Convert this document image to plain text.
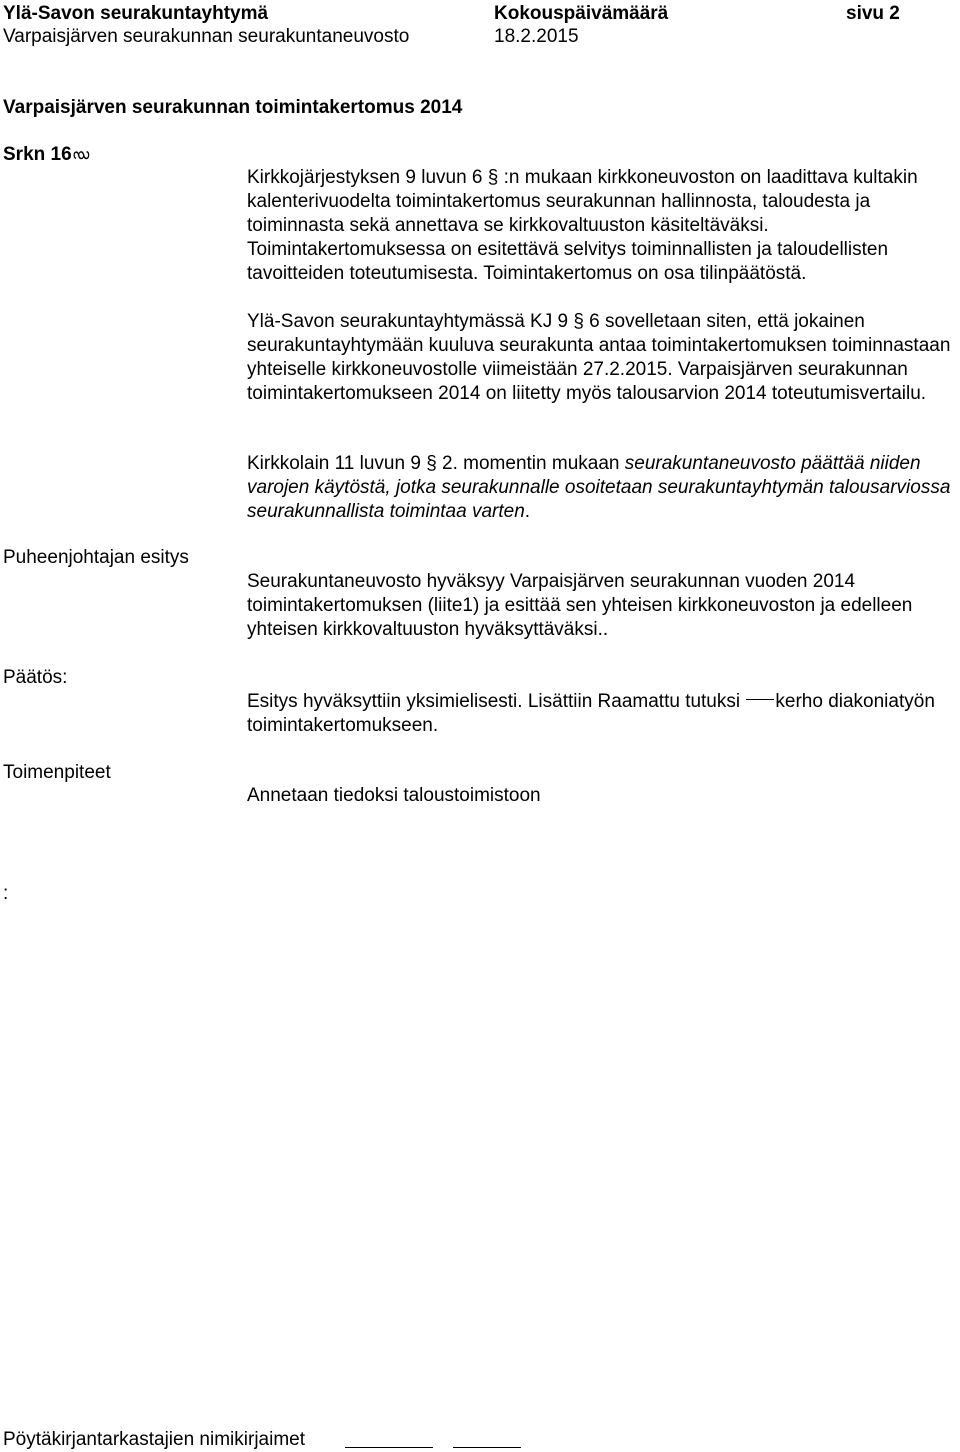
Ylä-Savon seurakuntayhtymä	Kokouspäivämäärä	sivu 2
Varpaisjärven seurakunnan seurakuntaneuvosto	18.2.2015
Varpaisjärven seurakunnan toimintakertomus 2014
Srkn 16 §
Kirkkojärjestyksen 9 luvun 6 § :n mukaan kirkkoneuvoston on laadittava kultakin kalenterivuodelta toimintakertomus seurakunnan hallinnosta, taloudesta ja toiminnasta sekä annettava se kirkkovaltuuston käsiteltäväksi. Toimintakertomuksessa on esitettävä selvitys toiminnallisten ja taloudellisten tavoitteiden toteutumisesta. Toimintakertomus on osa tilinpäätöstä.
Ylä-Savon seurakuntayhtymässä KJ 9 § 6 sovelletaan siten, että jokainen seurakuntayhtymään kuuluva seurakunta antaa toimintakertomuksen toiminnastaan yhteiselle kirkkoneuvostolle viimeistään 27.2.2015. Varpaisjärven seurakunnan toimintakertomukseen 2014 on liitetty myös talousarvion 2014 toteutumisvertailu.
Kirkkolain 11 luvun 9 § 2. momentin mukaan seurakuntaneuvosto päättää niiden varojen käytöstä, jotka seurakunnalle osoitetaan seurakuntayhtymän talousarviossa seurakunnallista toimintaa varten.
Puheenjohtajan esitys
Seurakuntaneuvosto hyväksyy Varpaisjärven seurakunnan vuoden 2014 toimintakertomuksen (liite1) ja esittää sen yhteisen kirkkoneuvoston ja edelleen yhteisen kirkkovaltuuston hyväksyttäväksi..
Päätös:
Esitys hyväksyttiin yksimielisesti. Lisättiin Raamattu tutuksi kerho diakoniatyön toimintakertomukseen.
Toimenpiteet
Annetaan tiedoksi taloustoimistoon
:
Pöytäkirjantarkastajien nimikirjaimet
